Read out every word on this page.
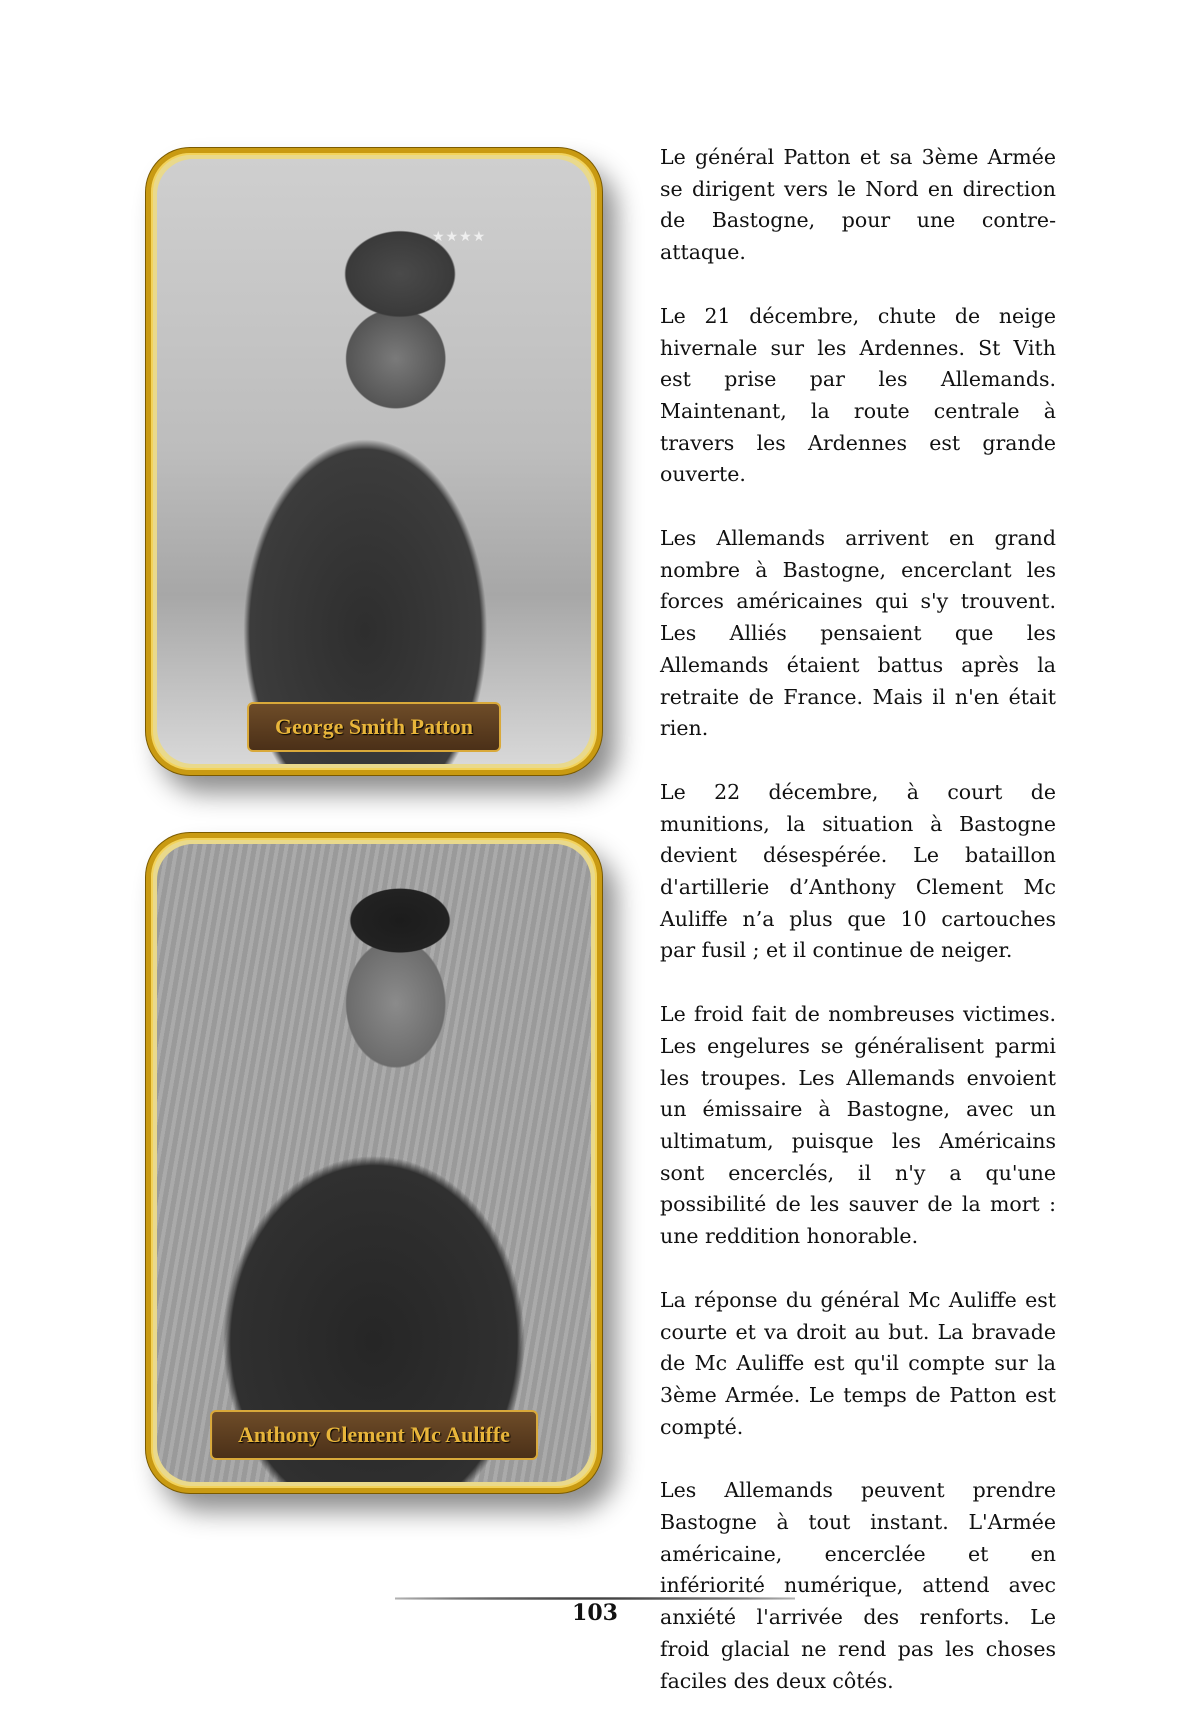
★★★★
George Smith Patton
Anthony Clement Mc Auliffe

Le général Patton et sa 3ème Armée se dirigent vers le Nord en direction de Bastogne, pour une contre-attaque.

Le 21 décembre, chute de neige hivernale sur les Ardennes. St Vith est prise par les Allemands. Maintenant, la route centrale à travers les Ardennes est grande ouverte.

Les Allemands arrivent en grand nombre à Bastogne, encerclant les forces américaines qui s'y trouvent. Les Alliés pensaient que les Allemands étaient battus après la retraite de France. Mais il n'en était rien.

Le 22 décembre, à court de munitions, la situation à Bastogne devient désespérée. Le bataillon d'artillerie d’Anthony Clement Mc Auliffe n’a plus que 10 cartouches par fusil ; et il continue de neiger.

Le froid fait de nombreuses victimes. Les engelures se généralisent parmi les troupes. Les Allemands envoient un émissaire à Bastogne, avec un ultimatum, puisque les Américains sont encerclés, il n'y a qu'une possibilité de les sauver de la mort : une reddition honorable.

La réponse du général Mc Auliffe est courte et va droit au but. La bravade de Mc Auliffe est qu'il compte sur la 3ème Armée. Le temps de Patton est compté.

Les Allemands peuvent prendre Bastogne à tout instant. L'Armée américaine, encerclée et en infériorité numérique, attend avec anxiété l'arrivée des renforts. Le froid glacial ne rend pas les choses faciles des deux côtés.

103
